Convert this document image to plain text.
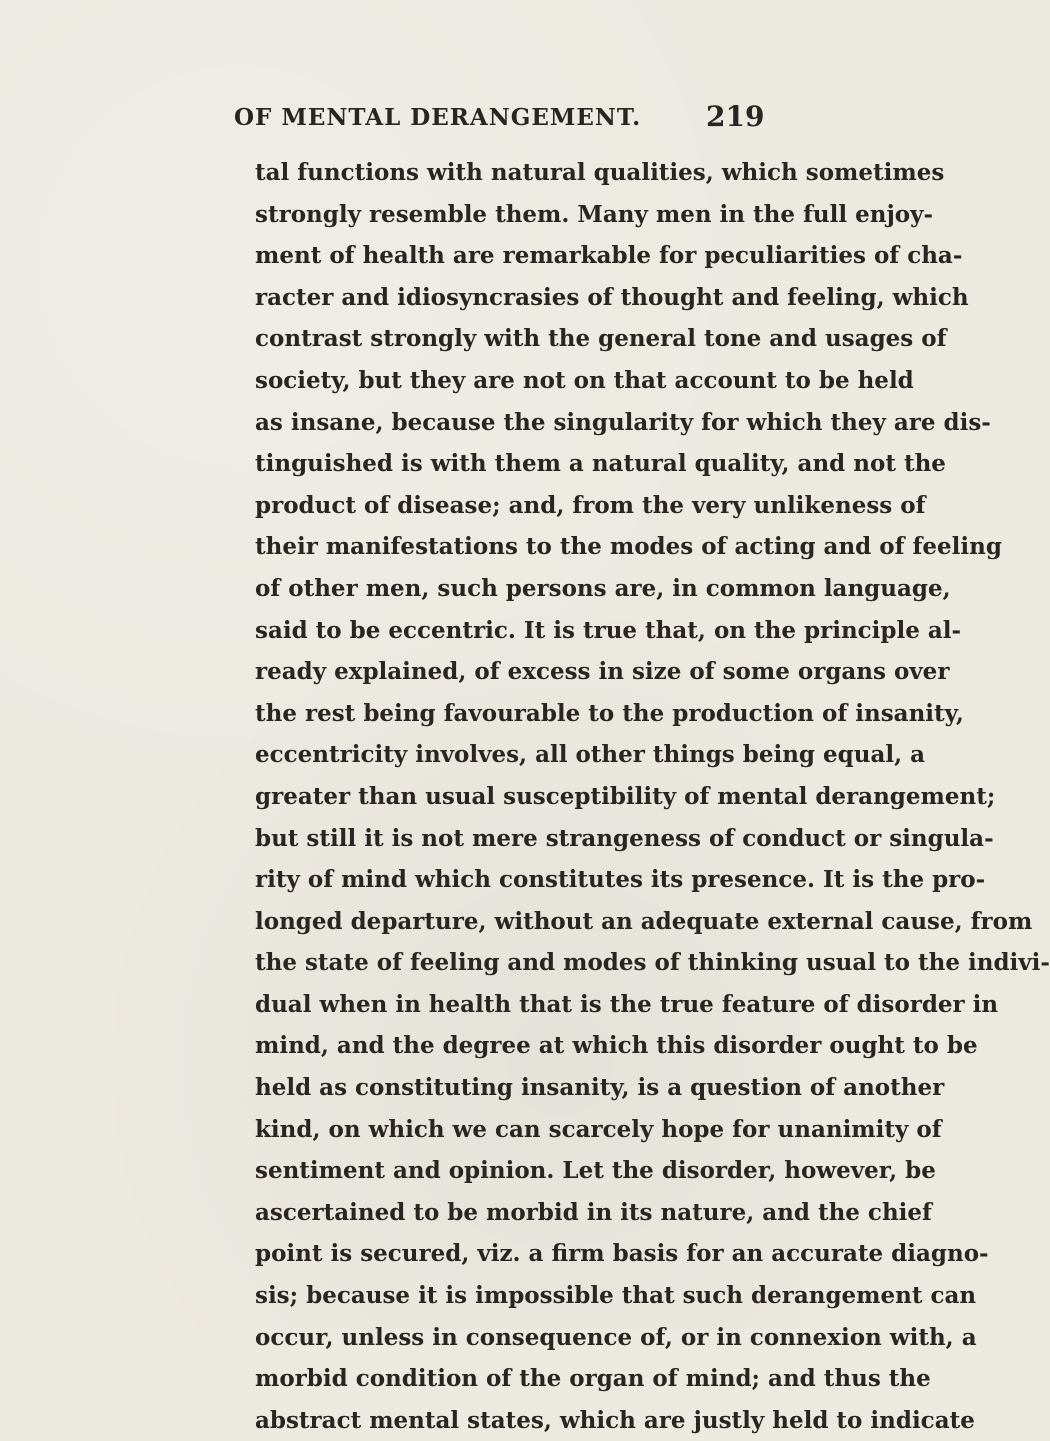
OF MENTAL DERANGEMENT. 219
tal functions with natural qualities, which sometimes
strongly resemble them. Many men in the full enjoy-
ment of health are remarkable for peculiarities of cha-
racter and idiosyncrasies of thought and feeling, which
contrast strongly with the general tone and usages of
society, but they are not on that account to be held
as insane, because the singularity for which they are dis-
tinguished is with them a natural quality, and not the
product of disease; and, from the very unlikeness of
their manifestations to the modes of acting and of feeling
of other men, such persons are, in common language,
said to be eccentric. It is true that, on the principle al-
ready explained, of excess in size of some organs over
the rest being favourable to the production of insanity,
eccentricity involves, all other things being equal, a
greater than usual susceptibility of mental derangement;
but still it is not mere strangeness of conduct or singula-
rity of mind which constitutes its presence. It is the pro-
longed departure, without an adequate external cause, from
the state of feeling and modes of thinking usual to the indivi-
dual when in health that is the true feature of disorder in
mind, and the degree at which this disorder ought to be
held as constituting insanity, is a question of another
kind, on which we can scarcely hope for unanimity of
sentiment and opinion. Let the disorder, however, be
ascertained to be morbid in its nature, and the chief
point is secured, viz. a firm basis for an accurate diagno-
sis; because it is impossible that such derangement can
occur, unless in consequence of, or in connexion with, a
morbid condition of the organ of mind; and thus the
abstract mental states, which are justly held to indicate
